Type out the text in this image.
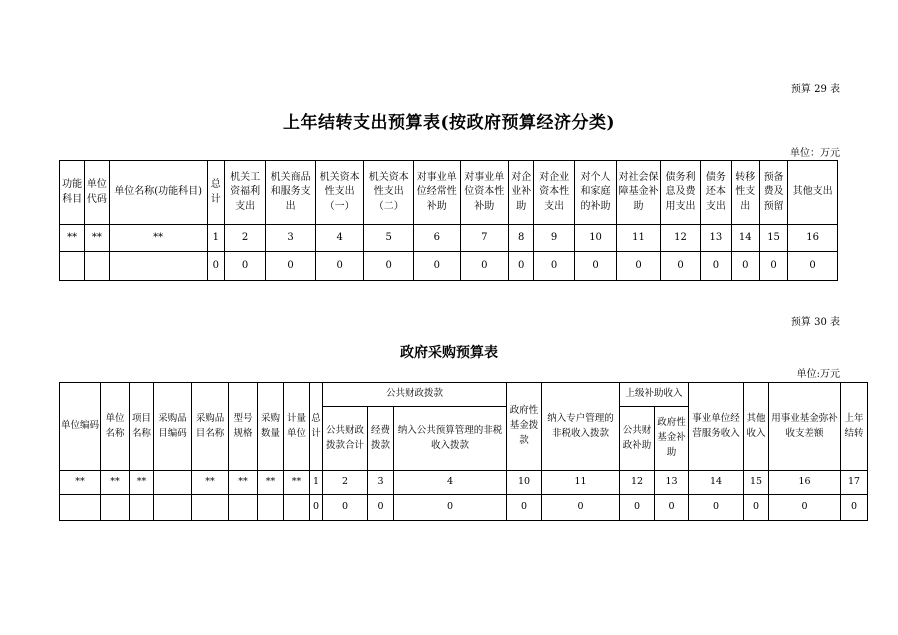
预算 29 表
上年结转支出预算表(按政府预算经济分类)
单位：万元
功能科目	单位代码	单位名称(功能科目)	总计	机关工资福利支出	机关商品和服务支出	机关资本性支出（一）	机关资本性支出（二）	对事业单位经常性补助	对事业单位资本性补助	对企业补助	对企业资本性支出	对个人和家庭的补助	对社会保障基金补助	债务利息及费用支出	债务还本支出	转移性支出	预备费及预留	其他支出
**	**	**	1	2	3	4	5	6	7	8	9	10	11	12	13	14	15	16
			0	0	0	0	0	0	0	0	0	0	0	0	0	0	0	0
预算 30 表
政府采购预算表
单位:万元
单位编码	单位名称	项目名称	采购品目编码	采购品目名称	型号规格	采购数量	计量单位	总计	公共财政拨款			政府性基金拨款	纳入专户管理的非税收入拨款	上级补助收入		事业单位经营服务收入	其他收入	用事业基金弥补收支差额	上年结转
									公共财政拨款合计	经费拨款	纳入公共预算管理的非税收入拨款			公共财政补助	政府性基金补助				
**	**	**		**	**	**	**	1	2	3	4	10	11	12	13	14	15	16	17
								0	0	0	0	0	0	0	0	0	0	0	0
